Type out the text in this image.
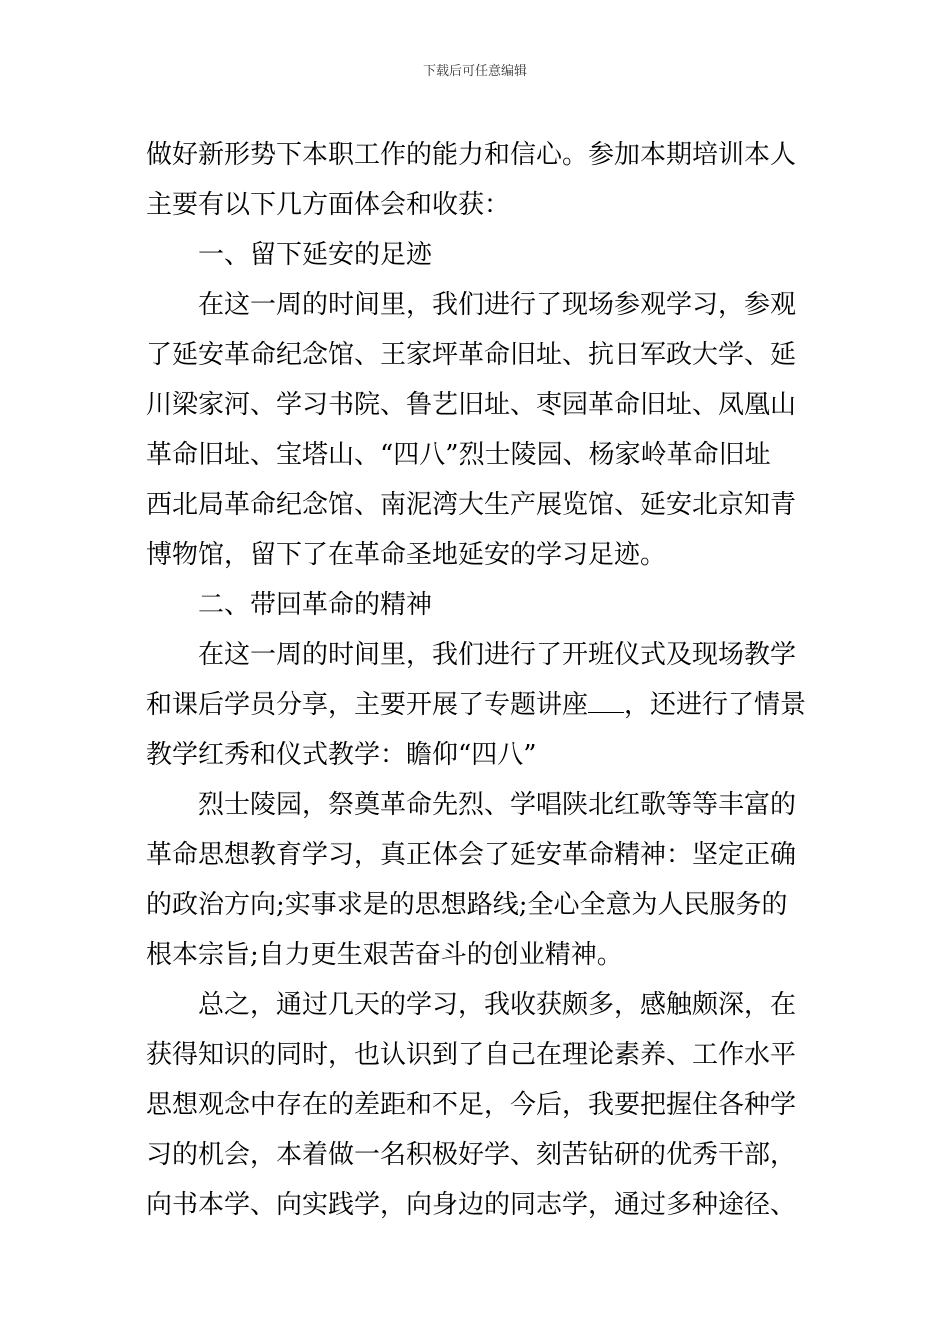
下载后可任意编辑
做好新形势下本职工作的能力和信心。参加本期培训本人
主要有以下几方面体会和收获：
一、留下延安的足迹
在这一周的时间里，我们进行了现场参观学习，参观
了延安革命纪念馆、王家坪革命旧址、抗日军政大学、延
川梁家河、学习书院、鲁艺旧址、枣园革命旧址、凤凰山
革命旧址、宝塔山、“四八”烈士陵园、杨家岭革命旧址
西北局革命纪念馆、南泥湾大生产展览馆、延安北京知青
博物馆，留下了在革命圣地延安的学习足迹。
二、带回革命的精神
在这一周的时间里，我们进行了开班仪式及现场教学
和课后学员分享，主要开展了专题讲座 ，还进行了情景
教学红秀和仪式教学：瞻仰“四八”
烈士陵园，祭奠革命先烈、学唱陕北红歌等等丰富的
革命思想教育学习，真正体会了延安革命精神：坚定正确
的政治方向;实事求是的思想路线;全心全意为人民服务的
根本宗旨;自力更生艰苦奋斗的创业精神。
总之，通过几天的学习，我收获颇多，感触颇深，在
获得知识的同时，也认识到了自己在理论素养、工作水平
思想观念中存在的差距和不足，今后，我要把握住各种学
习的机会，本着做一名积极好学、刻苦钻研的优秀干部，
向书本学、向实践学，向身边的同志学，通过多种途径、
